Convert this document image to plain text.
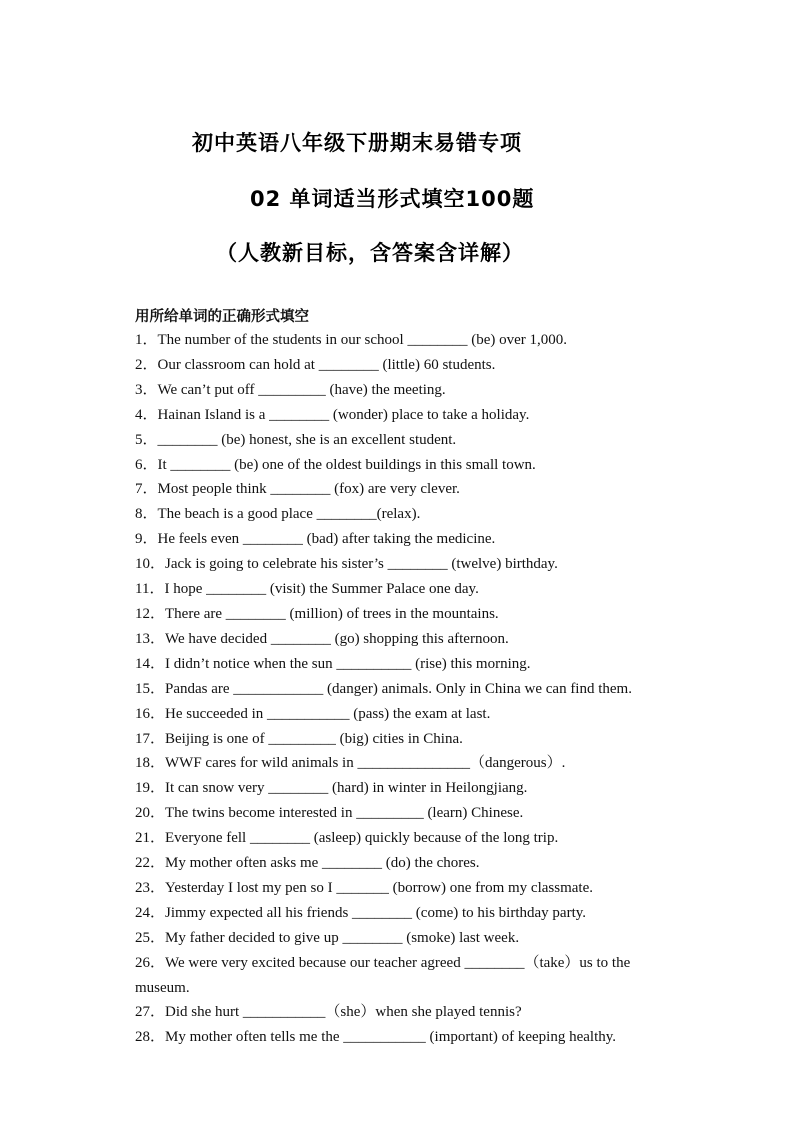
初中英语八年级下册期末易错专项
02 单词适当形式填空100题
（人教新目标，含答案含详解）
用所给单词的正确形式填空
1．The number of the students in our school ________ (be) over 1,000.
2．Our classroom can hold at ________ (little) 60 students.
3．We can’t put off _________ (have) the meeting.
4．Hainan Island is a ________ (wonder) place to take a holiday.
5．________ (be) honest, she is an excellent student.
6．It ________ (be) one of the oldest buildings in this small town.
7．Most people think ________ (fox) are very clever.
8．The beach is a good place ________(relax).
9．He feels even ________ (bad) after taking the medicine.
10．Jack is going to celebrate his sister’s ________ (twelve) birthday.
11．I hope ________ (visit) the Summer Palace one day.
12．There are ________ (million) of trees in the mountains.
13．We have decided ________ (go) shopping this afternoon.
14．I didn’t notice when the sun __________ (rise) this morning.
15．Pandas are ____________ (danger) animals. Only in China we can find them.
16．He succeeded in ___________ (pass) the exam at last.
17．Beijing is one of _________ (big) cities in China.
18．WWF cares for wild animals in _______________（dangerous）.
19．It can snow very ________ (hard) in winter in Heilongjiang.
20．The twins become interested in _________ (learn) Chinese.
21．Everyone fell ________ (asleep) quickly because of the long trip.
22．My mother often asks me ________ (do) the chores.
23．Yesterday I lost my pen so I _______ (borrow) one from my classmate.
24．Jimmy expected all his friends ________ (come) to his birthday party.
25．My father decided to give up ________ (smoke) last week.
26．We were very excited because our teacher agreed ________（take）us to the museum.
27．Did she hurt ___________（she）when she played tennis?
28．My mother often tells me the ___________ (important) of keeping healthy.
